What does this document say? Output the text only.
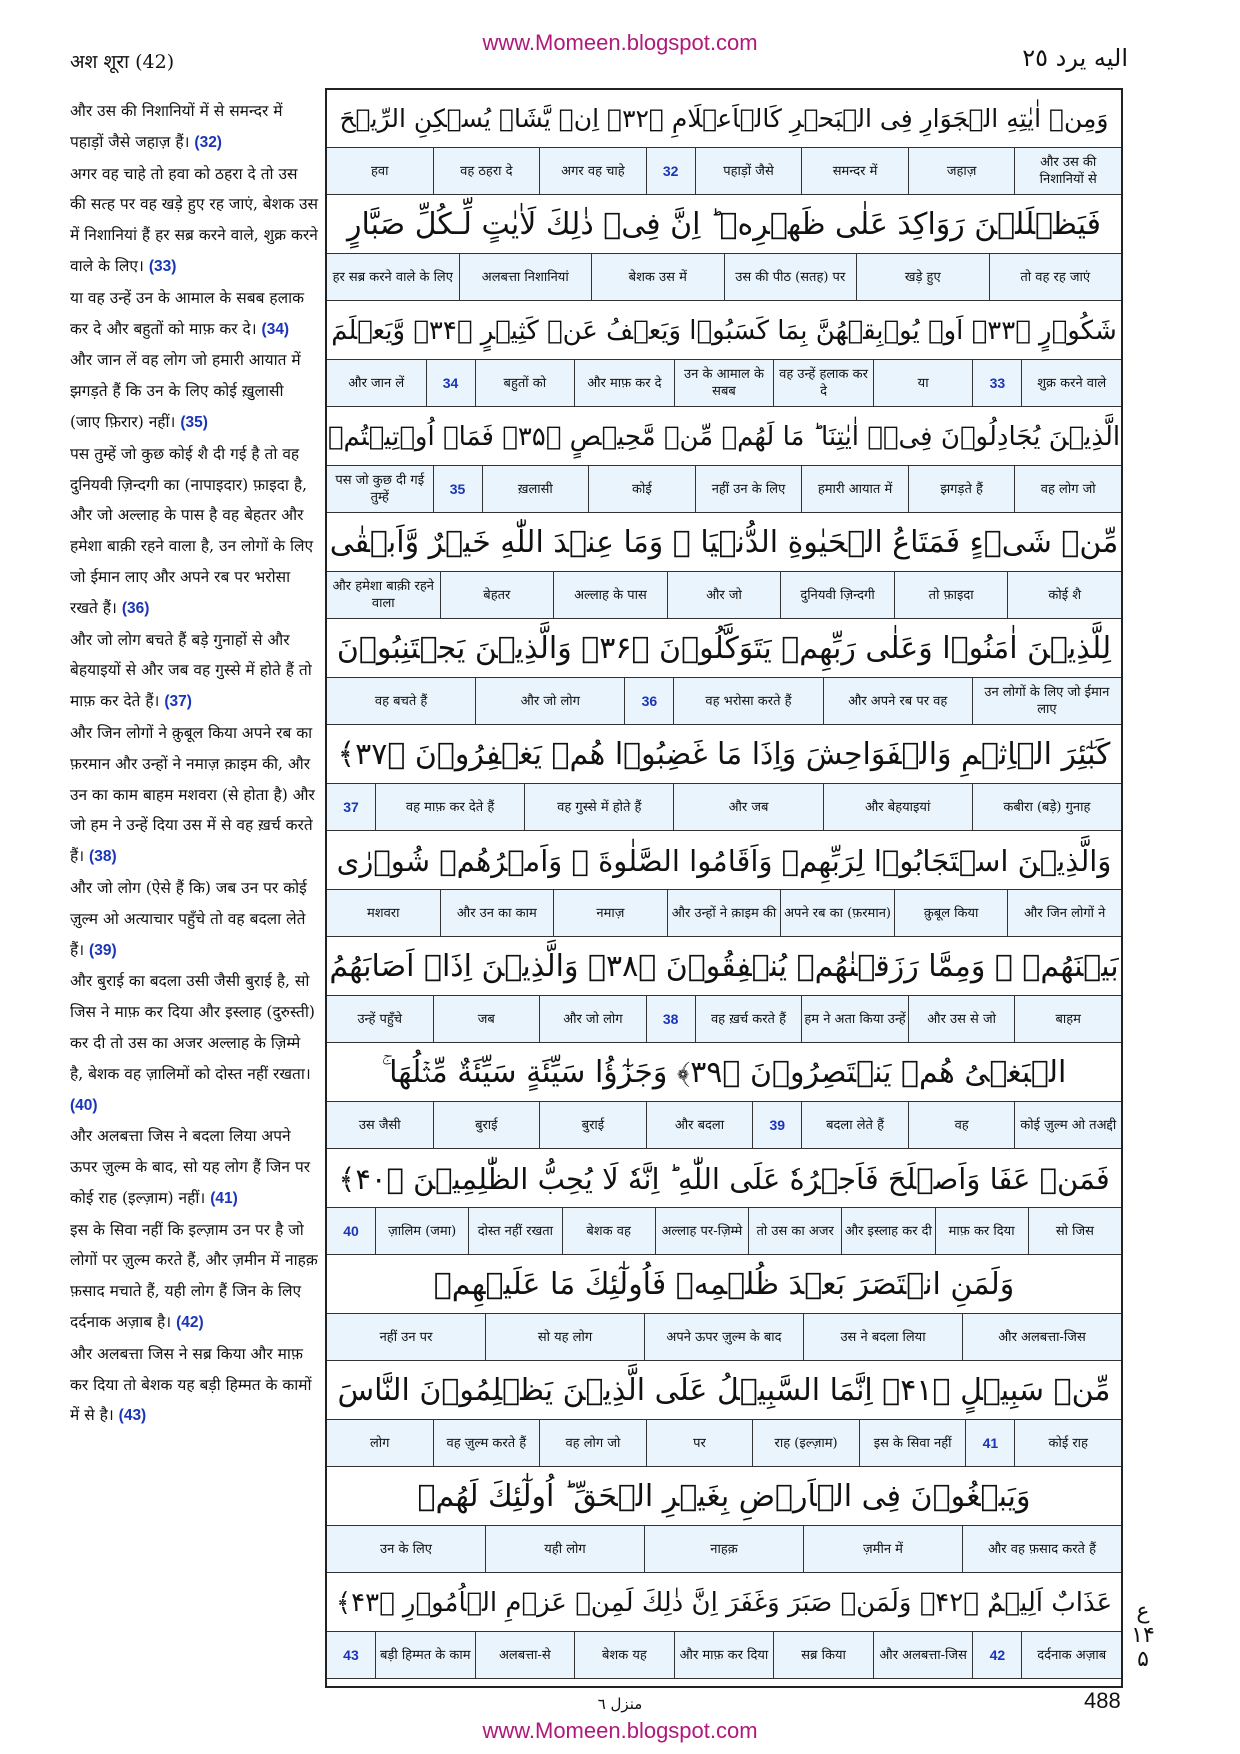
अश शूरा (42)
www.Momeen.blogspot.com
اليه يرد ٢٥

और उस की निशानियों में से समन्दर में पहाड़ों जैसे जहाज़ हैं। (32)

अगर वह चाहे तो हवा को ठहरा दे तो उस की सत्ह पर वह खड़े हुए रह जाएं, बेशक उस में निशानियां हैं हर सब्र करने वाले, शुक्र करने वाले के लिए। (33)

या वह उन्हें उन के आमाल के सबब हलाक कर दे और बहुतों को माफ़ कर दे। (34)

और जान लें वह लोग जो हमारी आयात में झगड़ते हैं कि उन के लिए कोई ख़ुलासी (जाए फ़िरार) नहीं। (35)

पस तुम्हें जो कुछ कोई शै दी गई है तो वह दुनियवी ज़िन्दगी का (नापाइदार) फ़ाइदा है, और जो अल्लाह के पास है वह बेहतर और हमेशा बाक़ी रहने वाला है, उन लोगों के लिए जो ईमान लाए और अपने रब पर भरोसा रखते हैं। (36)

और जो लोग बचते हैं बड़े गुनाहों से और बेहयाइयों से और जब वह गुस्से में होते हैं तो माफ़ कर देते हैं। (37)

और जिन लोगों ने क़ुबूल किया अपने रब का फ़रमान और उन्हों ने नमाज़ क़ाइम की, और उन का काम बाहम मशवरा (से होता है) और जो हम ने उन्हें दिया उस में से वह ख़र्च करते हैं। (38)

और जो लोग (ऐसे हैं कि) जब उन पर कोई ज़ुल्म ओ अत्याचार पहुँचे तो वह बदला लेते हैं। (39)

और बुराई का बदला उसी जैसी बुराई है, सो जिस ने माफ़ कर दिया और इस्लाह (दुरुस्ती) कर दी तो उस का अजर अल्लाह के ज़िम्मे है, बेशक वह ज़ालिमों को दोस्त नहीं रखता। (40)

और अलबत्ता जिस ने बदला लिया अपने ऊपर ज़ुल्म के बाद, सो यह लोग हैं जिन पर कोई राह (इल्ज़ाम) नहीं। (41)

इस के सिवा नहीं कि इल्ज़ाम उन पर है जो लोगों पर ज़ुल्म करते हैं, और ज़मीन में नाहक़ फ़साद मचाते हैं, यही लोग हैं जिन के लिए दर्दनाक अज़ाब है। (42)

और अलबत्ता जिस ने सब्र किया और माफ़ कर दिया तो बेशक यह बड़ी हिम्मत के कामों में से है। (43)

وَمِنۡ اٰيٰتِهِ الۡجَوَارِ فِى الۡبَحۡرِ كَالۡاَعۡلَامِ ﴿۳۲﴾ اِنۡ يَّشَاۡ يُسۡكِنِ الرِّيۡحَ
और उस की निशानियों से
जहाज़
समन्दर में
पहाड़ों जैसे
32
अगर वह चाहे
वह ठहरा दे
हवा
فَيَظۡلَلۡنَ رَوَاكِدَ عَلٰى ظَهۡرِهٖ ؕ اِنَّ فِىۡ ذٰلِكَ لَاٰيٰتٍ لِّـكُلِّ صَبَّارٍ
तो वह रह जाएं
खड़े हुए
उस की पीठ (सतह) पर
बेशक उस में
अलबत्ता निशानियां
हर सब्र करने वाले के लिए
شَكُوۡرٍ ﴿۳۳﴾ اَوۡ يُوۡبِقۡهُنَّ بِمَا كَسَبُوۡا وَيَعۡفُ عَنۡ كَثِيۡرٍ ﴿۳۴﴾ وَّيَعۡلَمَ
शुक्र करने वाले
33
या
वह उन्हें हलाक कर दे
उन के आमाल के सबब
और माफ़ कर दे
बहुतों को
34
और जान लें
الَّذِيۡنَ يُجَادِلُوۡنَ فِىۡۤ اٰيٰتِنَا ؕ مَا لَهُمۡ مِّنۡ مَّحِيۡصٍ ﴿۳۵﴾ فَمَاۤ اُوۡتِيۡتُمۡ
वह लोग जो
झगड़ते हैं
हमारी आयात में
नहीं उन के लिए
कोई
ख़लासी
35
पस जो कुछ दी गई तुम्हें
مِّنۡ شَىۡءٍ فَمَتَاعُ الۡحَيٰوةِ الدُّنۡيَا ۚ وَمَا عِنۡدَ اللّٰهِ خَيۡرٌ وَّاَبۡقٰى
कोई शै
तो फ़ाइदा
दुनियवी ज़िन्दगी
और जो
अल्लाह के पास
बेहतर
और हमेशा बाक़ी रहने वाला
لِلَّذِيۡنَ اٰمَنُوۡا وَعَلٰى رَبِّهِمۡ يَتَوَكَّلُوۡنَ ﴿۳۶﴾ وَالَّذِيۡنَ يَجۡتَنِبُوۡنَ
उन लोगों के लिए जो ईमान लाए
और अपने रब पर वह
वह भरोसा करते हैं
36
और जो लोग
वह बचते हैं
كَبٰٓئِرَ الۡاِثۡمِ وَالۡفَوَاحِشَ وَاِذَا مَا غَضِبُوۡا هُمۡ يَغۡفِرُوۡنَ ﴿۳۷﴾
कबीरा (बड़े) गुनाह
और बेहयाइयां
और जब
वह गुस्से में होते हैं
वह माफ़ कर देते हैं
37
وَالَّذِيۡنَ اسۡتَجَابُوۡا لِرَبِّهِمۡ وَاَقَامُوا الصَّلٰوةَ ۖ وَاَمۡرُهُمۡ شُوۡرٰى
और जिन लोगों ने
क़ुबूल किया
अपने रब का (फ़रमान)
और उन्हों ने क़ाइम की
नमाज़
और उन का काम
मशवरा
بَيۡنَهُمۡ ۖ وَمِمَّا رَزَقۡنٰهُمۡ يُنۡفِقُوۡنَ ﴿۳۸﴾ وَالَّذِيۡنَ اِذَاۤ اَصَابَهُمُ
बाहम
और उस से जो
हम ने अता किया उन्हें
वह ख़र्च करते हैं
38
और जो लोग
जब
उन्हें पहुँचे
الۡبَغۡىُ هُمۡ يَنۡتَصِرُوۡنَ ﴿۳۹﴾ وَجَزٰٓؤُا سَيِّئَةٍ سَيِّئَةٌ مِّثۡلُهَا ۚ
कोई ज़ुल्म ओ तअद्दी
वह
बदला लेते हैं
39
और बदला
बुराई
बुराई
उस जैसी
فَمَنۡ عَفَا وَاَصۡلَحَ فَاَجۡرُهٗ عَلَى اللّٰهِ ؕ اِنَّهٗ لَا يُحِبُّ الظّٰلِمِيۡنَ ﴿۴۰﴾
सो जिस
माफ़ कर दिया
और इस्लाह कर दी
तो उस का अजर
अल्लाह पर-ज़िम्मे
बेशक वह
दोस्त नहीं रखता
ज़ालिम (जमा)
40
وَلَمَنِ انۡتَصَرَ بَعۡدَ ظُلۡمِهٖ فَاُولٰٓئِكَ مَا عَلَيۡهِمۡ
और अलबत्ता-जिस
उस ने बदला लिया
अपने ऊपर ज़ुल्म के बाद
सो यह लोग
नहीं उन पर
مِّنۡ سَبِيۡلٍ ﴿۴۱﴾ اِنَّمَا السَّبِيۡلُ عَلَى الَّذِيۡنَ يَظۡلِمُوۡنَ النَّاسَ
कोई राह
41
इस के सिवा नहीं
राह (इल्ज़ाम)
पर
वह लोग जो
वह ज़ुल्म करते हैं
लोग
وَيَبۡغُوۡنَ فِى الۡاَرۡضِ بِغَيۡرِ الۡحَقِّ ؕ اُولٰٓئِكَ لَهُمۡ
और वह फ़साद करते हैं
ज़मीन में
नाहक़
यही लोग
उन के लिए
عَذَابٌ اَلِيۡمٌ ﴿۴۲﴾ وَلَمَنۡ صَبَرَ وَغَفَرَ اِنَّ ذٰلِكَ لَمِنۡ عَزۡمِ الۡاُمُوۡرِ ﴿۴۳﴾
दर्दनाक अज़ाब
42
और अलबत्ता-जिस
सब्र किया
और माफ़ कर दिया
बेशक यह
अलबत्ता-से
बड़ी हिम्मत के काम
43
ع ۱۴ ۵
منزل ٦	488
www.Momeen.blogspot.com
